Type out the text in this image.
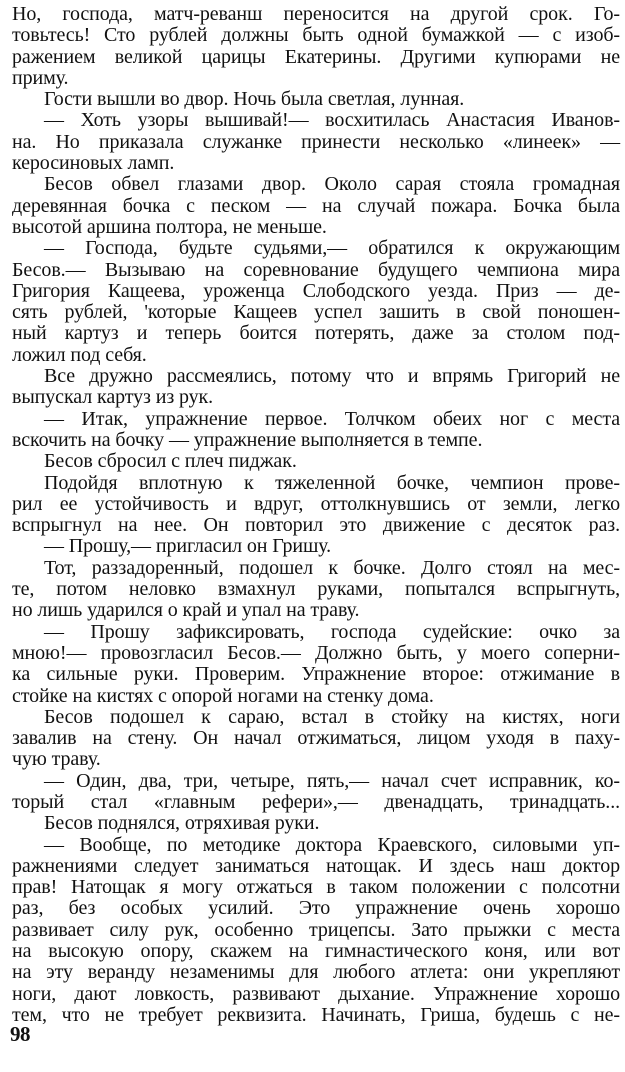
Но, господа, матч-реванш переносится на другой срок. Го-
товьтесь! Сто рублей должны быть одной бумажкой — с изоб-
ражением великой царицы Екатерины. Другими купюрами не
приму.
Гости вышли во двор. Ночь была светлая, лунная.
— Хоть узоры вышивай!— восхитилась Анастасия Иванов-
на. Но приказала служанке принести несколько «линеек» —
керосиновых ламп.
Бесов обвел глазами двор. Около сарая стояла громадная
деревянная бочка с песком — на случай пожара. Бочка была
высотой аршина полтора, не меньше.
— Господа, будьте судьями,— обратился к окружающим
Бесов.— Вызываю на соревнование будущего чемпиона мира
Григория Кащеева, уроженца Слободского уезда. Приз — де-
сять рублей, 'которые Кащеев успел зашить в свой поношен-
ный картуз и теперь боится потерять, даже за столом под-
ложил под себя.
Все дружно рассмеялись, потому что и впрямь Григорий не
выпускал картуз из рук.
— Итак, упражнение первое. Толчком обеих ног с места
вскочить на бочку — упражнение выполняется в темпе.
Бесов сбросил с плеч пиджак.
Подойдя вплотную к тяжеленной бочке, чемпион прове-
рил ее устойчивость и вдруг, оттолкнувшись от земли, легко
вспрыгнул на нее. Он повторил это движение с десяток раз.
— Прошу,— пригласил он Гришу.
Тот, раззадоренный, подошел к бочке. Долго стоял на мес-
те, потом неловко взмахнул руками, попытался вспрыгнуть,
но лишь ударился о край и упал на траву.
— Прошу зафиксировать, господа судейские: очко за
мною!— провозгласил Бесов.— Должно быть, у моего соперни-
ка сильные руки. Проверим. Упражнение второе: отжимание в
стойке на кистях с опорой ногами на стенку дома.
Бесов подошел к сараю, встал в стойку на кистях, ноги
завалив на стену. Он начал отжиматься, лицом уходя в паху-
чую траву.
— Один, два, три, четыре, пять,— начал счет исправник, ко-
торый стал «главным рефери»,— двенадцать, тринадцать...
Бесов поднялся, отряхивая руки.
— Вообще, по методике доктора Краевского, силовыми уп-
ражнениями следует заниматься натощак. И здесь наш доктор
прав! Натощак я могу отжаться в таком положении с полсотни
раз, без особых усилий. Это упражнение очень хорошо
развивает силу рук, особенно трицепсы. Зато прыжки с места
на высокую опору, скажем на гимнастического коня, или вот
на эту веранду незаменимы для любого атлета: они укрепляют
ноги, дают ловкость, развивают дыхание. Упражнение хорошо
тем, что не требует реквизита. Начинать, Гриша, будешь с не-
98
